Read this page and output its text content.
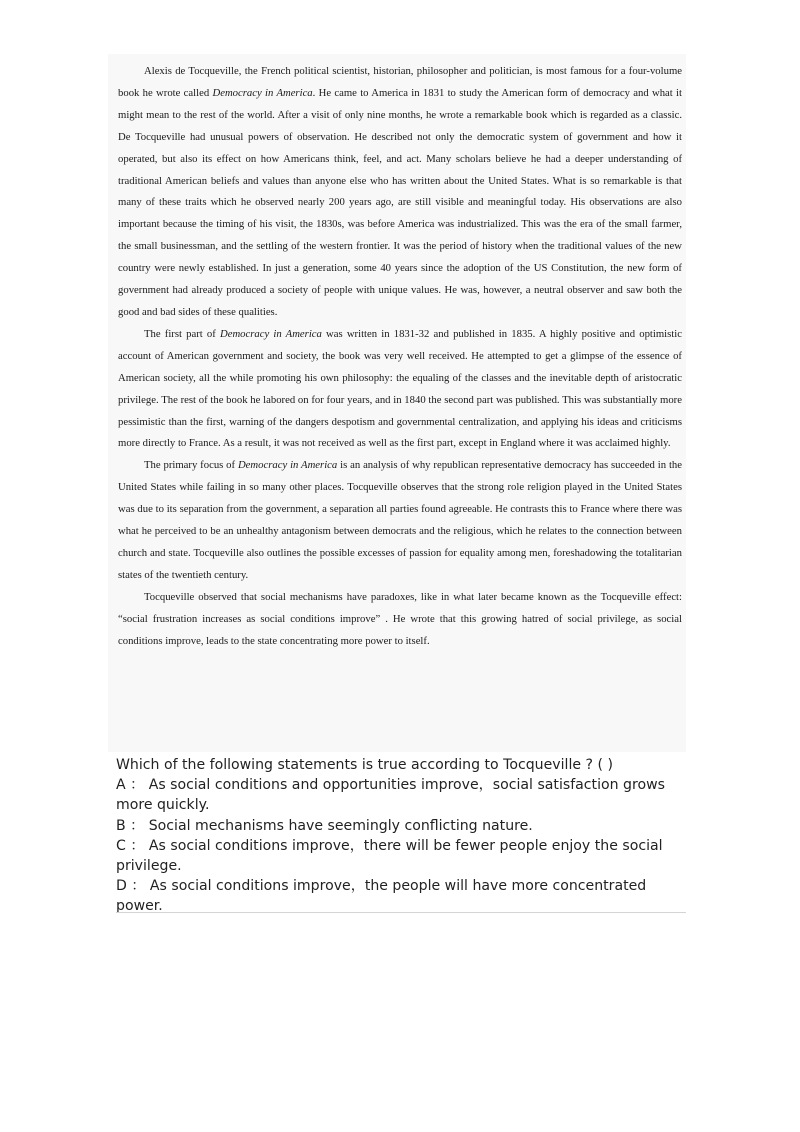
Alexis de Tocqueville, the French political scientist, historian, philosopher and politician, is most famous for a four-volume book he wrote called Democracy in America. He came to America in 1831 to study the American form of democracy and what it might mean to the rest of the world. After a visit of only nine months, he wrote a remarkable book which is regarded as a classic. De Tocqueville had unusual powers of observation. He described not only the democratic system of government and how it operated, but also its effect on how Americans think, feel, and act. Many scholars believe he had a deeper understanding of traditional American beliefs and values than anyone else who has written about the United States. What is so remarkable is that many of these traits which he observed nearly 200 years ago, are still visible and meaningful today. His observations are also important because the timing of his visit, the 1830s, was before America was industrialized. This was the era of the small farmer, the small businessman, and the settling of the western frontier. It was the period of history when the traditional values of the new country were newly established. In just a generation, some 40 years since the adoption of the US Constitution, the new form of government had already produced a society of people with unique values. He was, however, a neutral observer and saw both the good and bad sides of these qualities.

The first part of Democracy in America was written in 1831-32 and published in 1835. A highly positive and optimistic account of American government and society, the book was very well received. He attempted to get a glimpse of the essence of American society, all the while promoting his own philosophy: the equaling of the classes and the inevitable depth of aristocratic privilege. The rest of the book he labored on for four years, and in 1840 the second part was published. This was substantially more pessimistic than the first, warning of the dangers despotism and governmental centralization, and applying his ideas and criticisms more directly to France. As a result, it was not received as well as the first part, except in England where it was acclaimed highly.

The primary focus of Democracy in America is an analysis of why republican representative democracy has succeeded in the United States while failing in so many other places. Tocqueville observes that the strong role religion played in the United States was due to its separation from the government, a separation all parties found agreeable. He contrasts this to France where there was what he perceived to be an unhealthy antagonism between democrats and the religious, which he relates to the connection between church and state. Tocqueville also outlines the possible excesses of passion for equality among men, foreshadowing the totalitarian states of the twentieth century.

Tocqueville observed that social mechanisms have paradoxes, like in what later became known as the Tocqueville effect: “social frustration increases as social conditions improve” . He wrote that this growing hatred of social privilege, as social conditions improve, leads to the state concentrating more power to itself.

Which of the following statements is true according to Tocqueville ? ( )
A ： As social conditions and opportunities improve，social satisfaction grows more quickly.
B ： Social mechanisms have seemingly conflicting nature.
C ： As social conditions improve，there will be fewer people enjoy the social privilege.
D ： As social conditions improve，the people will have more concentrated power.
